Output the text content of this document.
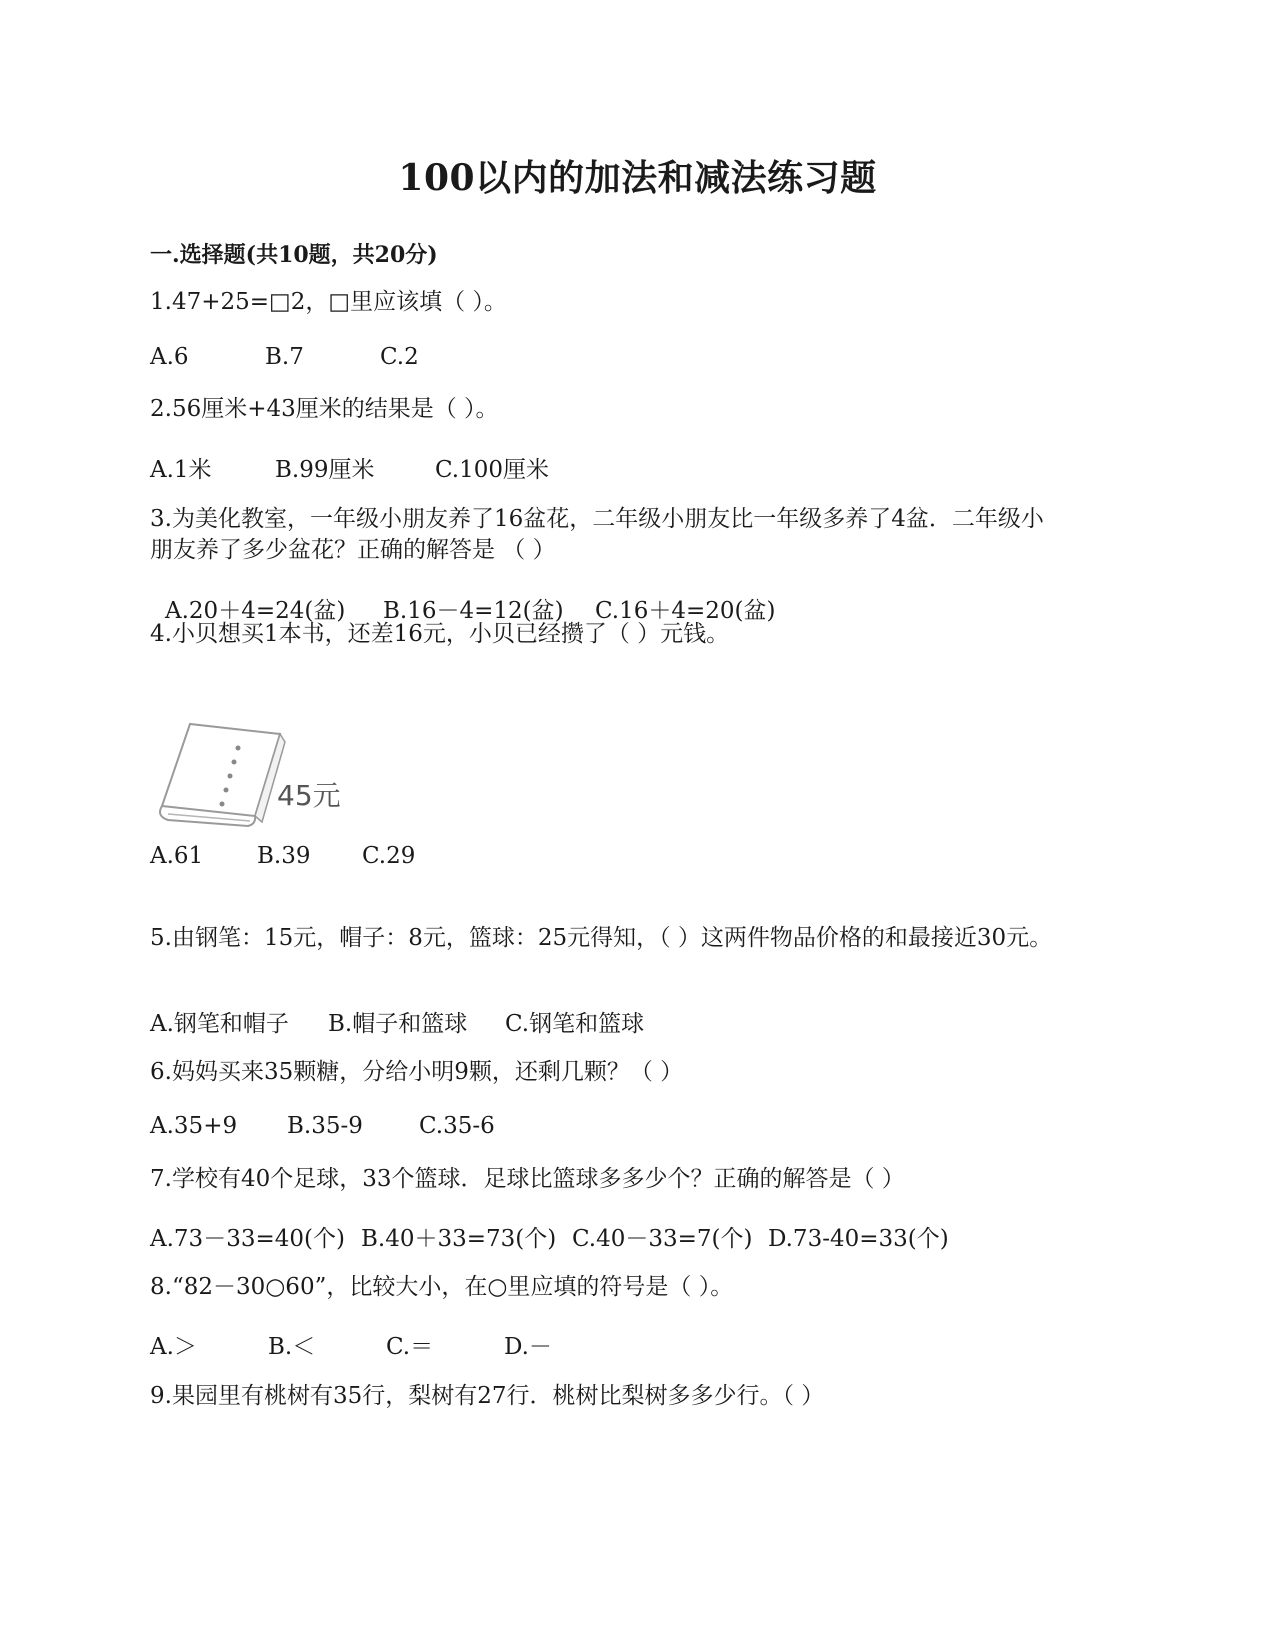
100以内的加法和减法练习题
一.选择题(共10题，共20分)
1.47+25=□2，□里应该填（ ）。
A.6	B.7	C.2
2.56厘米+43厘米的结果是（ ）。
A.1米	B.99厘米	C.100厘米
3.为美化教室，一年级小朋友养了16盆花，二年级小朋友比一年级多养了4盆．二年级小
朋友养了多少盆花？正确的解答是 （ ）
A.20＋4=24(盆)	B.16－4=12(盆)	C.16＋4=20(盆)
4.小贝想买1本书，还差16元，小贝已经攒了（ ）元钱。
45元
A.61	B.39	C.29
5.由钢笔：15元，帽子：8元，篮球：25元得知，（ ）这两件物品价格的和最接近30元。
A.钢笔和帽子	B.帽子和篮球	C.钢笔和篮球
6.妈妈买来35颗糖，分给小明9颗，还剩几颗？（ ）
A.35+9	B.35-9	C.35-6
7.学校有40个足球，33个篮球．足球比篮球多多少个？正确的解答是（ ）
A.73－33=40(个) B.40＋33=73(个) C.40－33=7(个) D.73-40=33(个)
8.“82－30○60”，比较大小，在○里应填的符号是（ ）。
A.＞	B.＜	C.＝	D.－
9.果园里有桃树有35行，梨树有27行．桃树比梨树多多少行。（ ）
